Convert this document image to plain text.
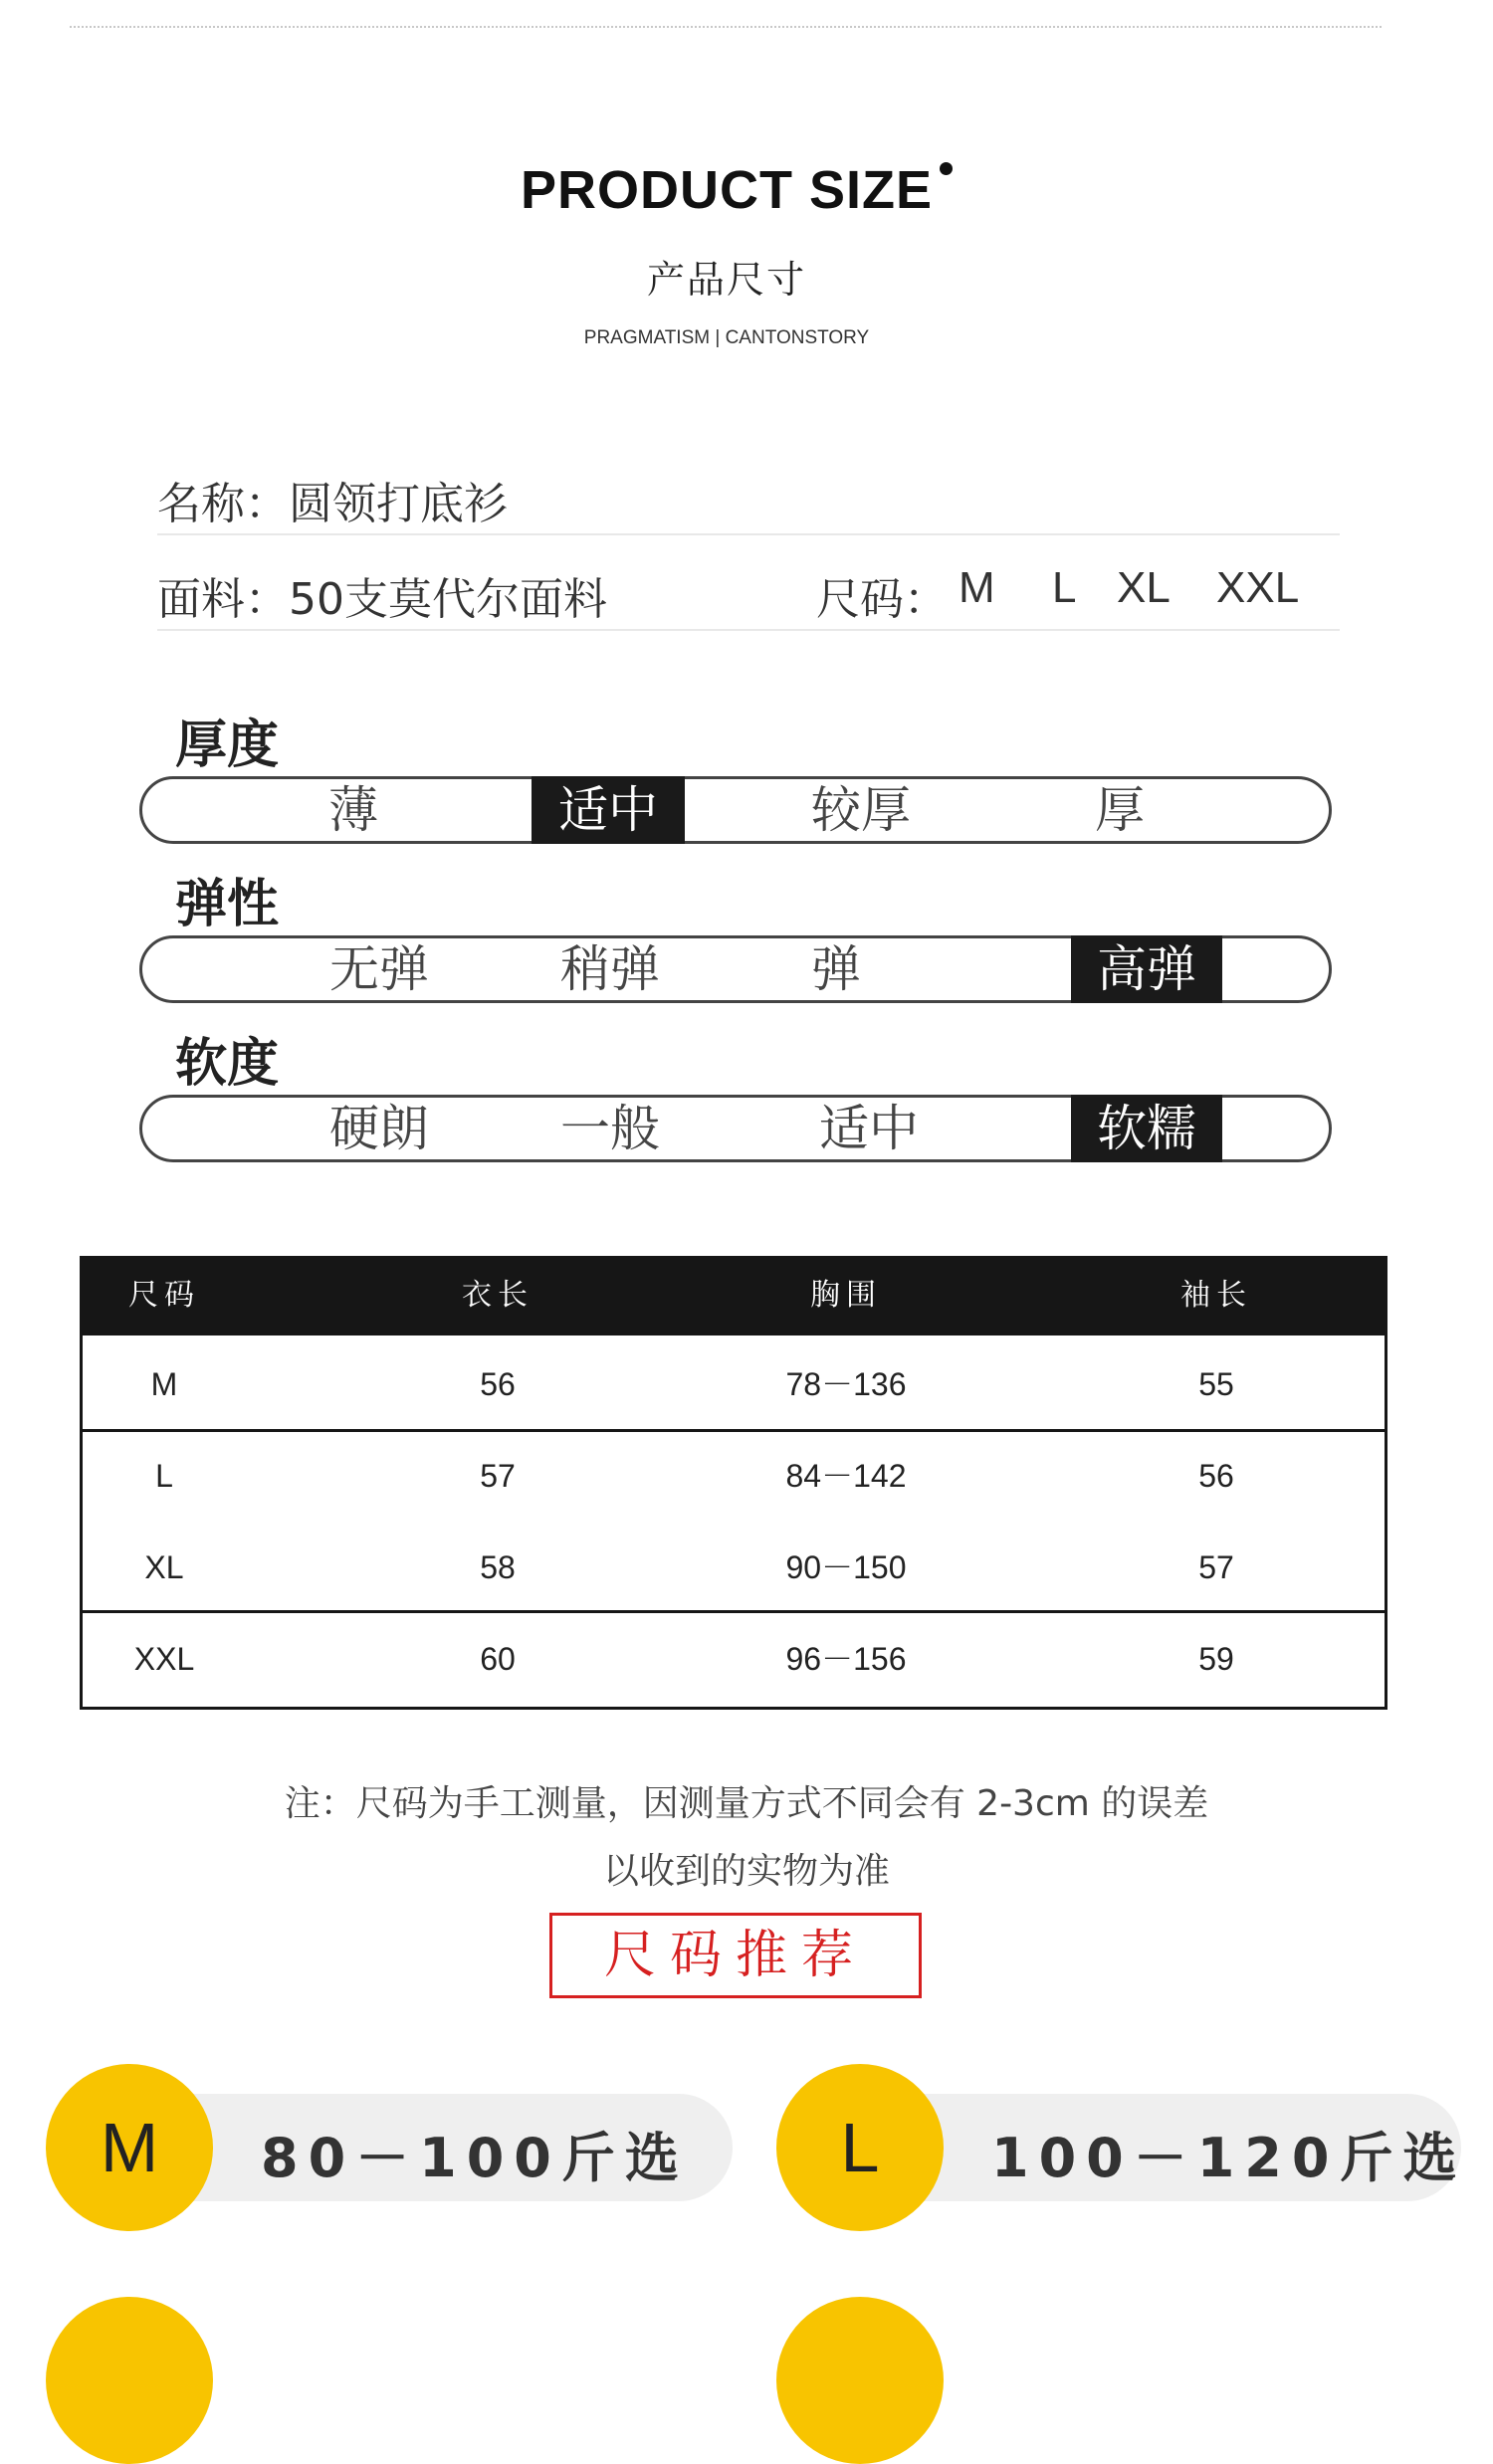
PRODUCT SIZE
产品尺寸
PRAGMATISM | CANTONSTORY
名称：圆领打底衫
面料：50支莫代尔面料	尺码： M L XL XXL
厚度
薄	适中	较厚	厚
弹性
无弹	稍弹	弹	高弹
软度
硬朗	一般	适中	软糯
尺码	衣长	胸围	袖长
M	56	78－136	55
L	57	84－142	56
XL	58	90－150	57
XXL	60	96－156	59
注：尺码为手工测量，因测量方式不同会有 2-3cm 的误差
以收到的实物为准
尺码推荐
M	80－100斤选	L	100－120斤选
